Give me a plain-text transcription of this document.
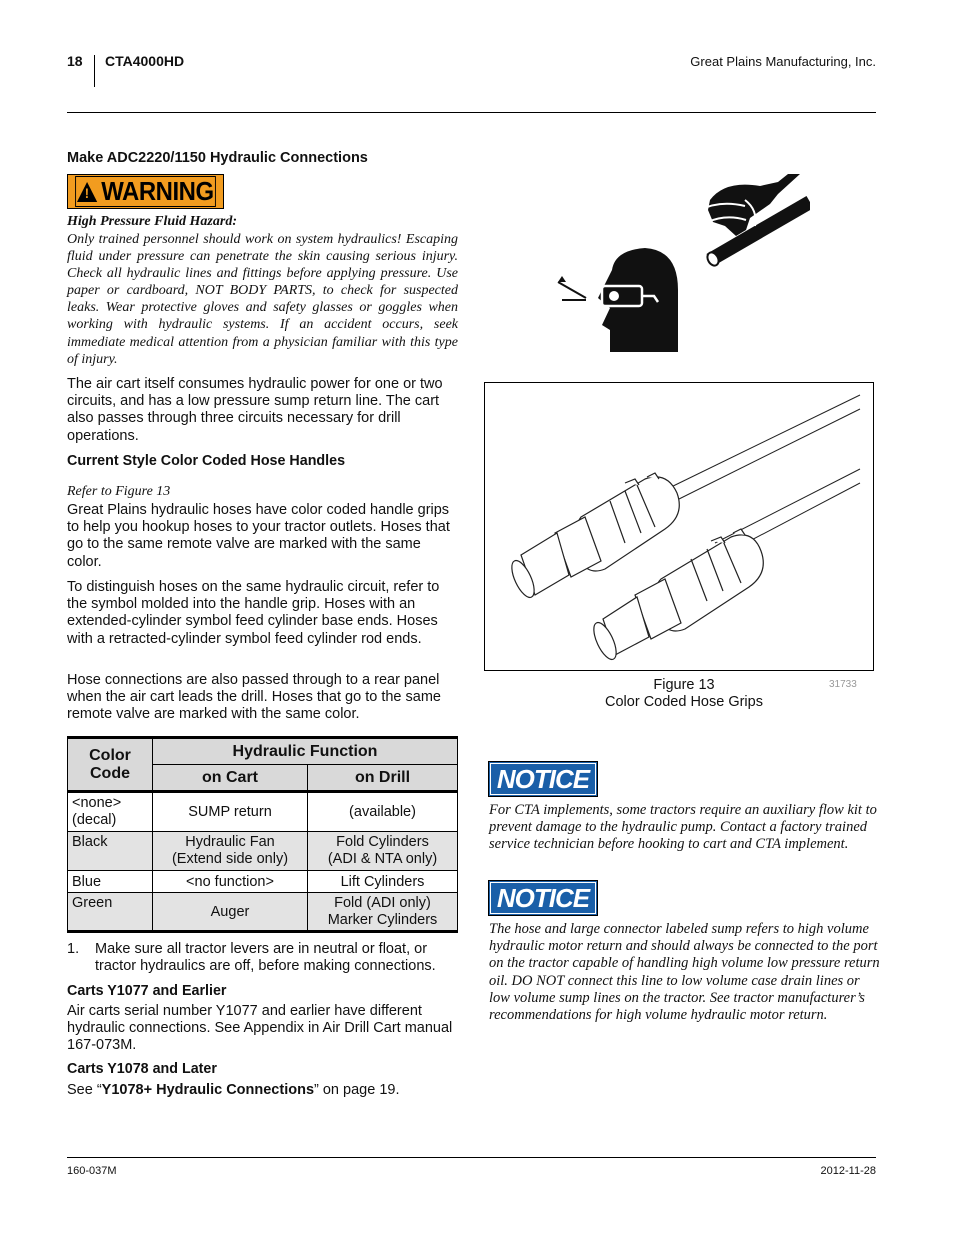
18 CTA4000HD	Great Plains Manufacturing, Inc.
Make ADC2220/1150 Hydraulic Connections
! WARNING
High Pressure Fluid Hazard:
Only trained personnel should work on system hydraulics! Escaping fluid under pressure can penetrate the skin causing serious injury. Check all hydraulic lines and fittings before applying pressure. Use paper or cardboard, NOT BODY PARTS, to check for suspected leaks. Wear protective gloves and safety glasses or goggles when working with hydraulic systems. If an accident occurs, seek immediate medical attention from a physician familiar with this type of injury.
The air cart itself consumes hydraulic power for one or two circuits, and has a low pressure sump return line. The cart also passes through three circuits necessary for drill operations.
Current Style Color Coded Hose Handles
Refer to Figure 13
Great Plains hydraulic hoses have color coded handle grips to help you hookup hoses to your tractor outlets. Hoses that go to the same remote valve are marked with the same color.
To distinguish hoses on the same hydraulic circuit, refer to the symbol molded into the handle grip. Hoses with an extended-cylinder symbol feed cylinder base ends. Hoses with a retracted-cylinder symbol feed cylinder rod ends.
Hose connections are also passed through to a rear panel when the air cart leads the drill. Hoses that go to the same remote valve are marked with the same color.
Color Code	Hydraulic Function	
	on Cart	on Drill
<none> (decal)	SUMP return	(available)
Black	Hydraulic Fan (Extend side only)	Fold Cylinders (ADI & NTA only)
Blue	<no function>	Lift Cylinders
Green	Auger	Fold (ADI only) Marker Cylinders
1. Make sure all tractor levers are in neutral or float, or tractor hydraulics are off, before making connections.
Carts Y1077 and Earlier
Air carts serial number Y1077 and earlier have different hydraulic connections. See Appendix in Air Drill Cart manual 167-073M.
Carts Y1078 and Later
See “Y1078+ Hydraulic Connections” on page 19.
Figure 13
Color Coded Hose Grips
31733
NOTICE
For CTA implements, some tractors require an auxiliary flow kit to prevent damage to the hydraulic pump. Contact a factory trained service technician before hooking to cart and CTA implement.
NOTICE
The hose and large connector labeled sump refers to high volume hydraulic motor return and should always be connected to the port on the tractor capable of handling high volume low pressure return oil. DO NOT connect this line to low volume case drain lines or low volume sump lines on the tractor. See tractor manufacturer’s recommendations for high volume hydraulic motor return.
160-037M	2012-11-28
